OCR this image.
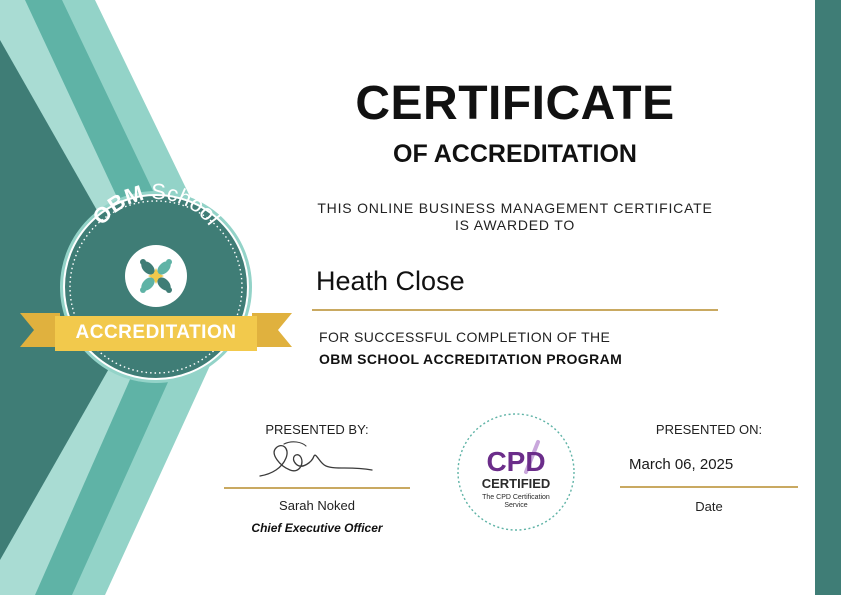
OBM School
ACCREDITATION
CERTIFICATE
OF ACCREDITATION
THIS ONLINE BUSINESS MANAGEMENT CERTIFICATE
IS AWARDED TO
Heath Close
FOR SUCCESSFUL COMPLETION OF THE
OBM SCHOOL ACCREDITATION PROGRAM
PRESENTED BY:
Sarah Noked
Chief Executive Officer
CPD
CERTIFIED
The CPD Certification
Service
PRESENTED ON:
March 06, 2025
Date
